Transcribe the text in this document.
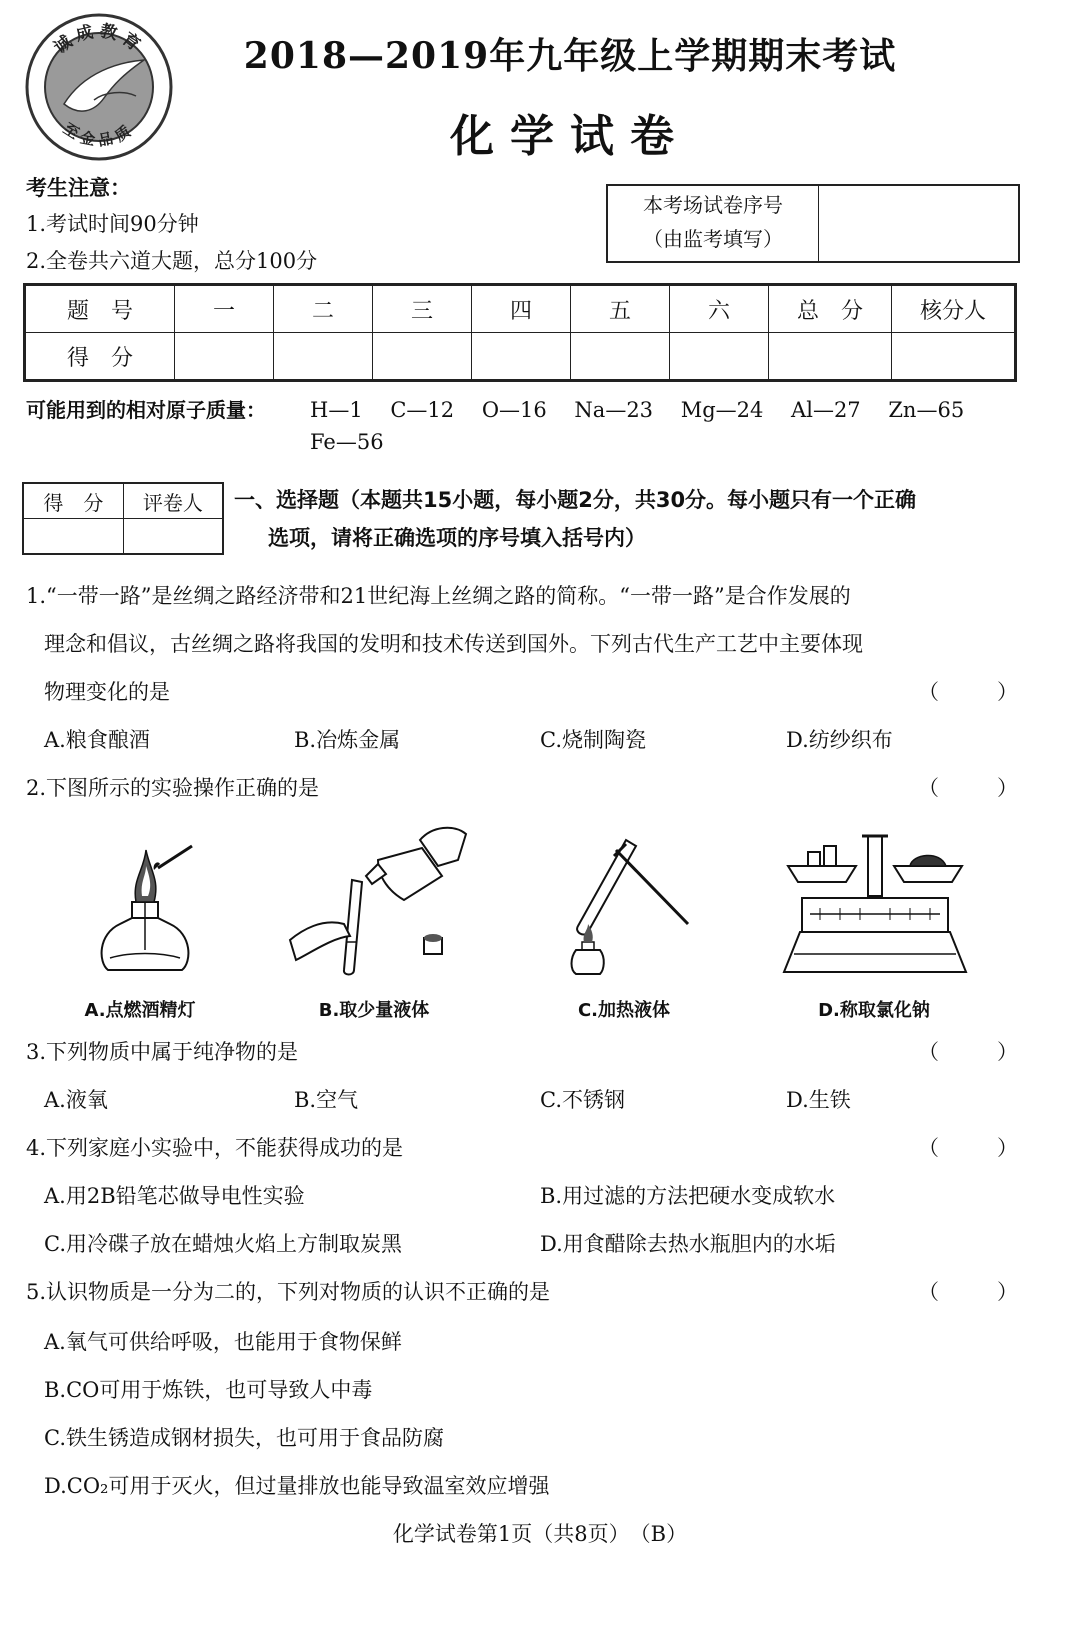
诚成教育
至金品质
2018—2019年九年级上学期期末考试
化学试卷
考生注意：
1.考试时间90分钟
2.全卷共六道大题，总分100分
本考场试卷序号
（由监考填写）
题　号	一	二	三	四	五	六	总　分	核分人
得　分								
可能用到的相对原子质量： H—1　 C—12　 O—16　 Na—23　 Mg—24　 Al—27　 Zn—65
Fe—56
得　分	评卷人
	一、选择题（本题共15小题，每小题2分，共30分。每小题只有一个正确
选项，请将正确选项的序号填入括号内）
1.“一带一路”是丝绸之路经济带和21世纪海上丝绸之路的简称。“一带一路”是合作发展的
理念和倡议，古丝绸之路将我国的发明和技术传送到国外。下列古代生产工艺中主要体现
物理变化的是	（	）
A.粮食酿酒	B.冶炼金属	C.烧制陶瓷	D.纺纱织布
2.下图所示的实验操作正确的是	（	）
A.点燃酒精灯	B.取少量液体	C.加热液体	D.称取氯化钠
3.下列物质中属于纯净物的是	（	）
A.液氧	B.空气	C.不锈钢	D.生铁
4.下列家庭小实验中，不能获得成功的是	（	）
A.用2B铅笔芯做导电性实验	B.用过滤的方法把硬水变成软水
C.用冷碟子放在蜡烛火焰上方制取炭黑	D.用食醋除去热水瓶胆内的水垢
5.认识物质是一分为二的，下列对物质的认识不正确的是	（	）
A.氧气可供给呼吸，也能用于食物保鲜
B.CO可用于炼铁，也可导致人中毒
C.铁生锈造成钢材损失，也可用于食品防腐
D.CO₂可用于灭火，但过量排放也能导致温室效应增强
化学试卷第1页（共8页）　（B）
